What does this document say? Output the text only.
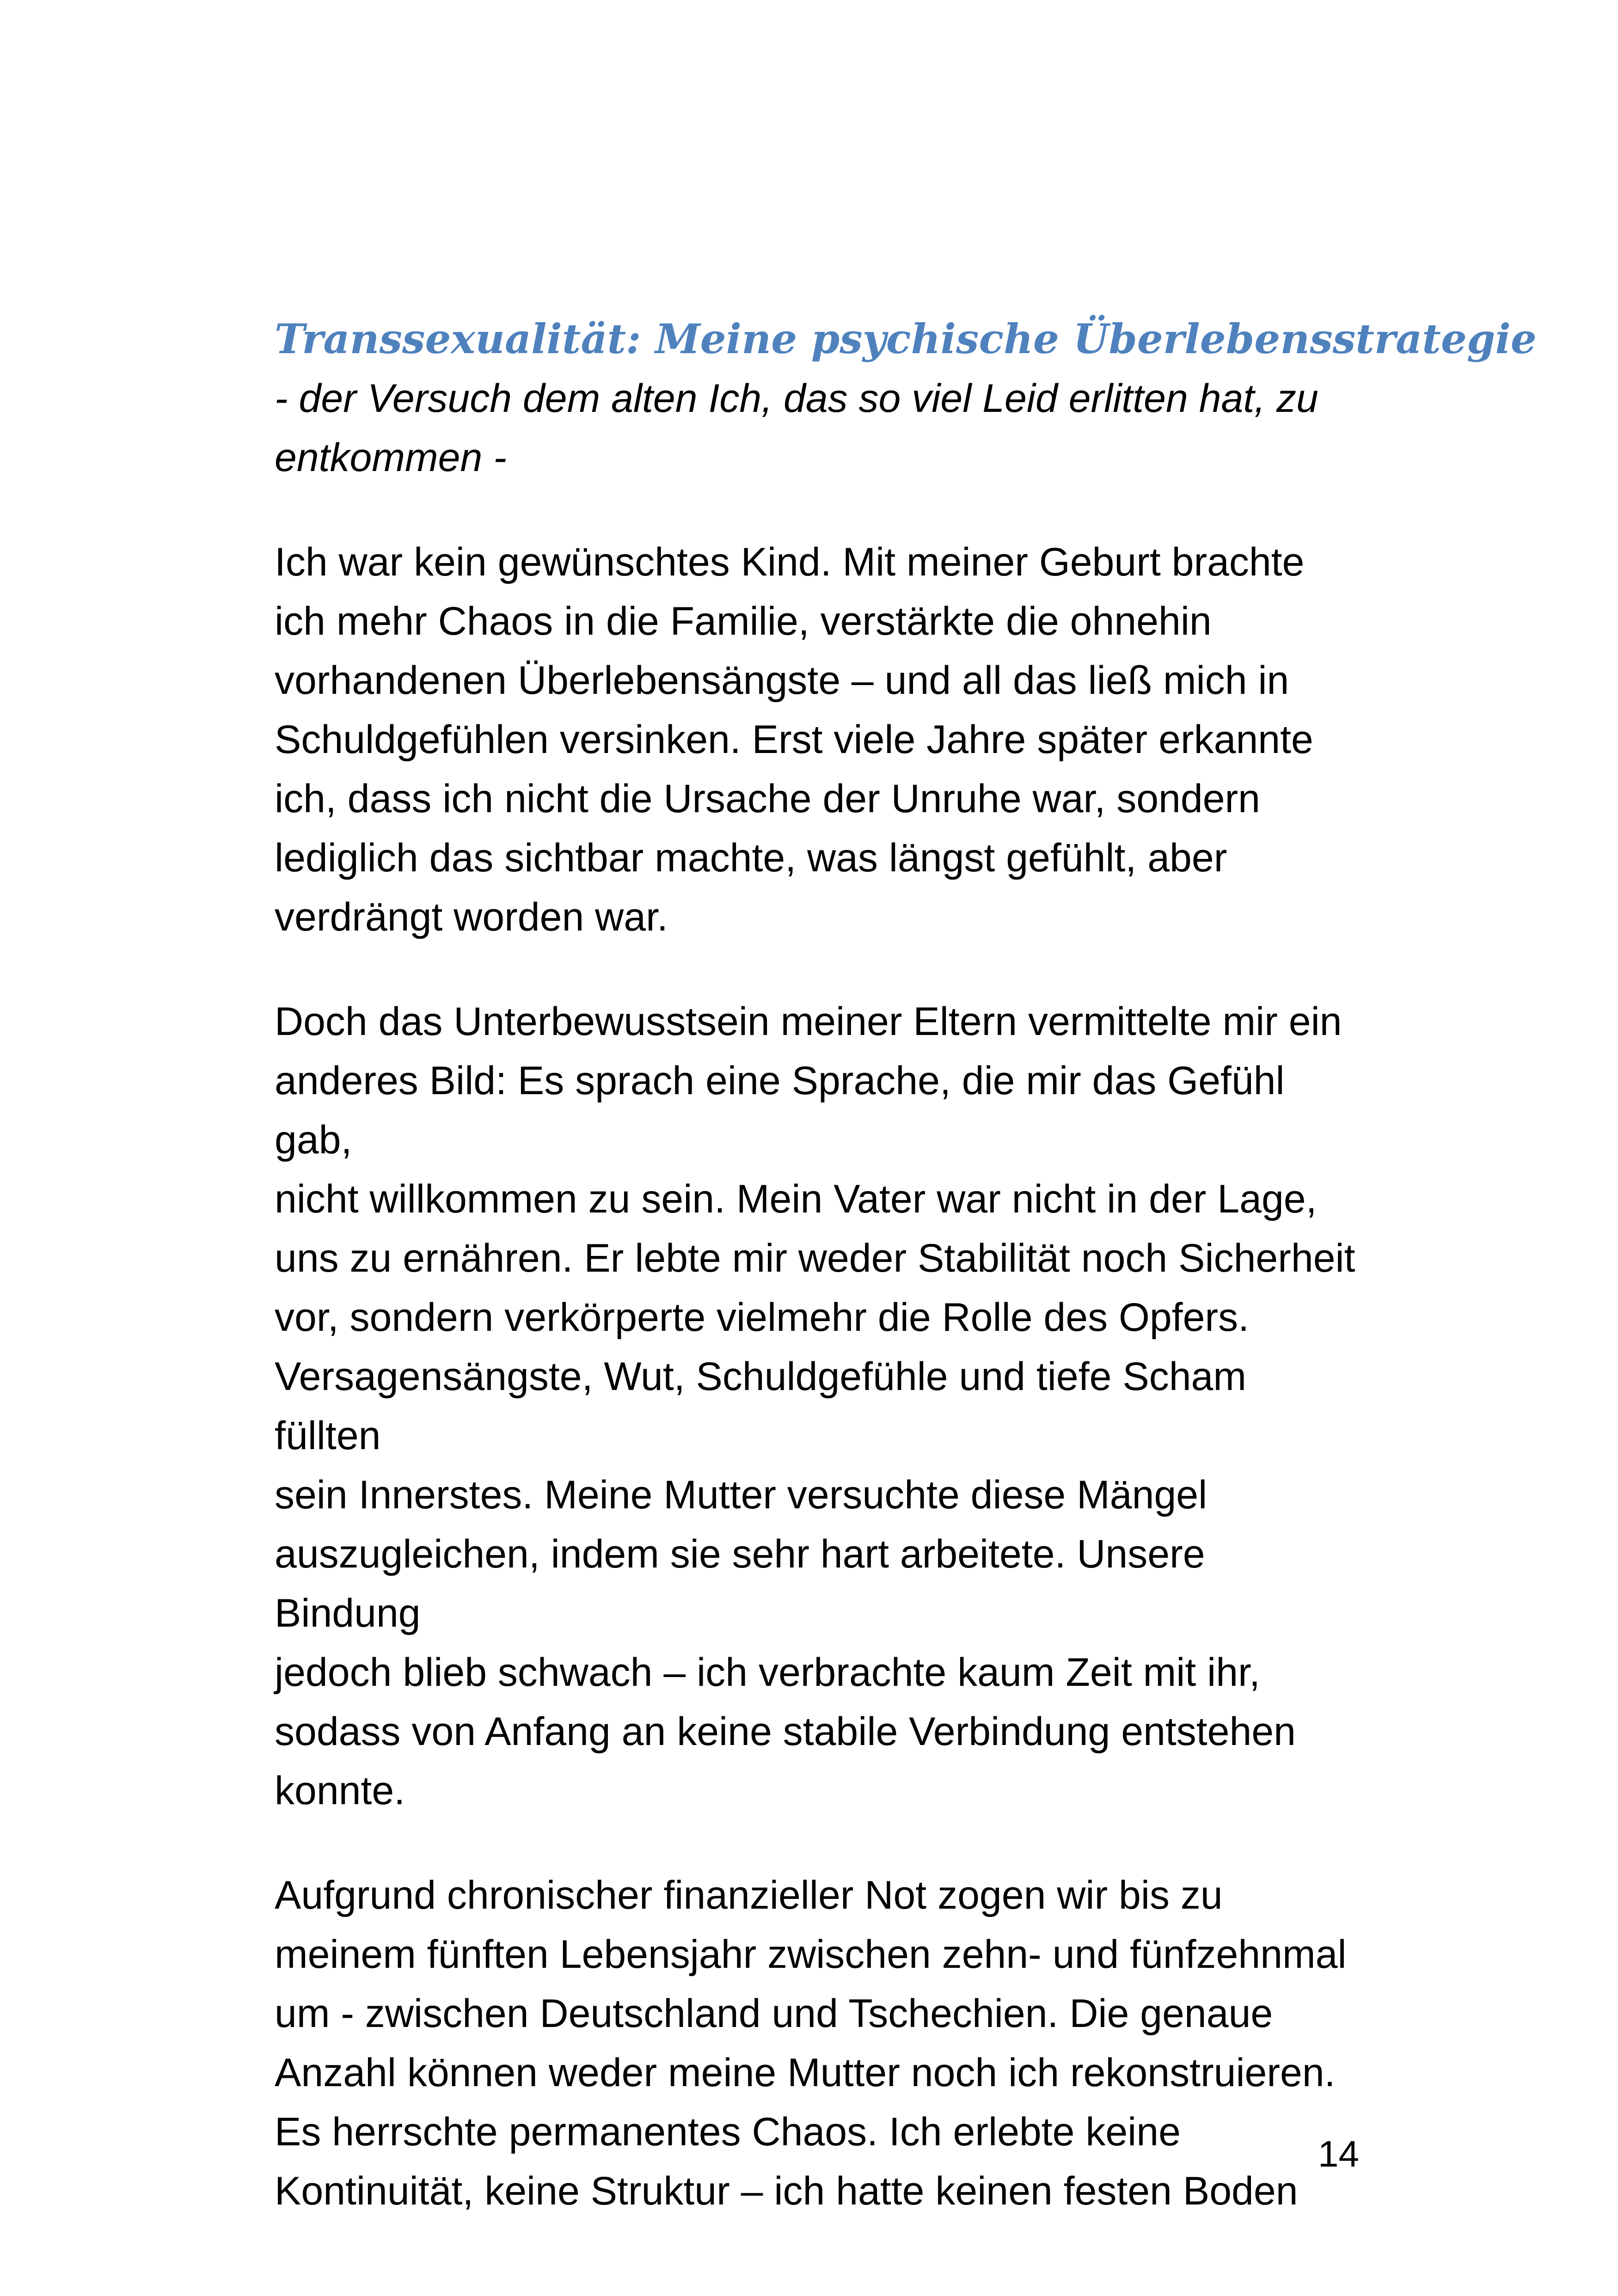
Transsexualität: Meine psychische Überlebensstrategie

- der Versuch dem alten Ich, das so viel Leid erlitten hat, zu
entkommen -

Ich war kein gewünschtes Kind. Mit meiner Geburt brachte
ich mehr Chaos in die Familie, verstärkte die ohnehin
vorhandenen Überlebensängste – und all das ließ mich in
Schuldgefühlen versinken. Erst viele Jahre später erkannte
ich, dass ich nicht die Ursache der Unruhe war, sondern
lediglich das sichtbar machte, was längst gefühlt, aber
verdrängt worden war.

Doch das Unterbewusstsein meiner Eltern vermittelte mir ein
anderes Bild: Es sprach eine Sprache, die mir das Gefühl gab,
nicht willkommen zu sein. Mein Vater war nicht in der Lage,
uns zu ernähren. Er lebte mir weder Stabilität noch Sicherheit
vor, sondern verkörperte vielmehr die Rolle des Opfers.
Versagensängste, Wut, Schuldgefühle und tiefe Scham füllten
sein Innerstes. Meine Mutter versuchte diese Mängel
auszugleichen, indem sie sehr hart arbeitete. Unsere Bindung
jedoch blieb schwach – ich verbrachte kaum Zeit mit ihr,
sodass von Anfang an keine stabile Verbindung entstehen
konnte.

Aufgrund chronischer finanzieller Not zogen wir bis zu
meinem fünften Lebensjahr zwischen zehn- und fünfzehnmal
um - zwischen Deutschland und Tschechien. Die genaue
Anzahl können weder meine Mutter noch ich rekonstruieren.
Es herrschte permanentes Chaos. Ich erlebte keine
Kontinuität, keine Struktur – ich hatte keinen festen Boden

14
